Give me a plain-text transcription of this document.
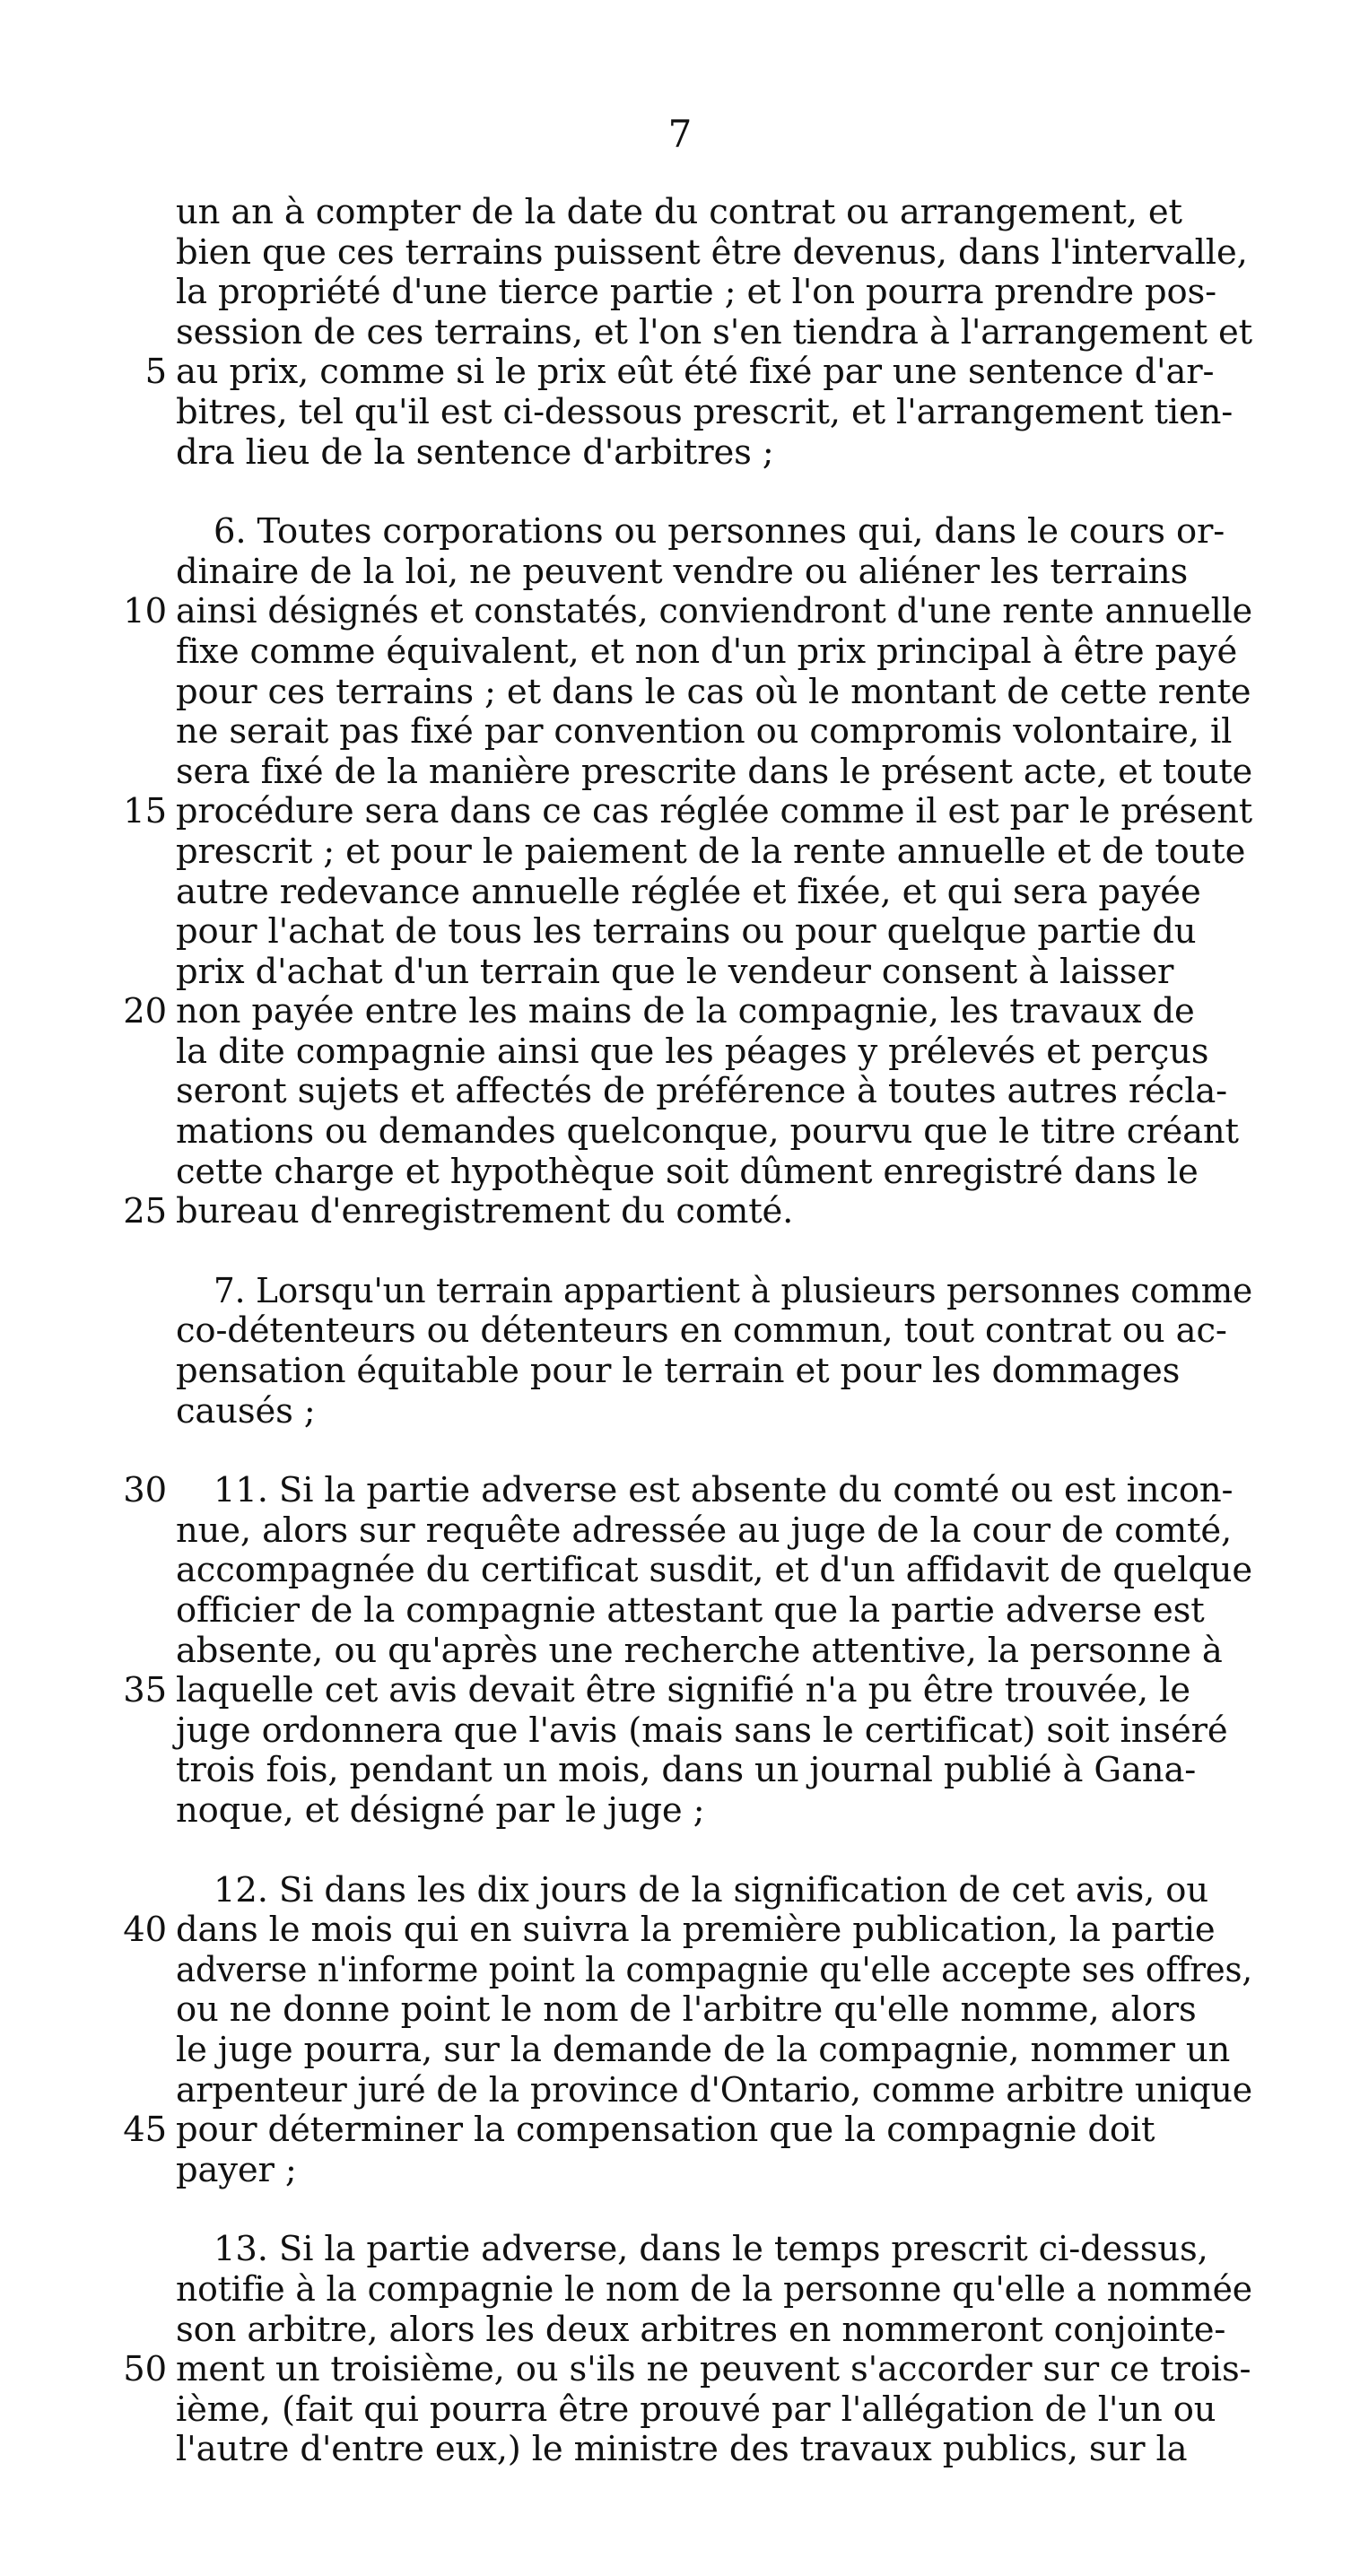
7
un an à compter de la date du contrat ou arrangement, et
bien que ces terrains puissent être devenus, dans l'intervalle,
la propriété d'une tierce partie ; et l'on pourra prendre pos-
session de ces terrains, et l'on s'en tiendra à l'arrangement et
5 au prix, comme si le prix eût été fixé par une sentence d'ar-
bitres, tel qu'il est ci-dessous prescrit, et l'arrangement tien-
dra lieu de la sentence d'arbitres ;
6. Toutes corporations ou personnes qui, dans le cours or-
dinaire de la loi, ne peuvent vendre ou aliéner les terrains
10 ainsi désignés et constatés, conviendront d'une rente annuelle
fixe comme équivalent, et non d'un prix principal à être payé
pour ces terrains ; et dans le cas où le montant de cette rente
ne serait pas fixé par convention ou compromis volontaire, il
sera fixé de la manière prescrite dans le présent acte, et toute
15 procédure sera dans ce cas réglée comme il est par le présent
prescrit ; et pour le paiement de la rente annuelle et de toute
autre redevance annuelle réglée et fixée, et qui sera payée
pour l'achat de tous les terrains ou pour quelque partie du
prix d'achat d'un terrain que le vendeur consent à laisser
20 non payée entre les mains de la compagnie, les travaux de
la dite compagnie ainsi que les péages y prélevés et perçus
seront sujets et affectés de préférence à toutes autres récla-
mations ou demandes quelconque, pourvu que le titre créant
cette charge et hypothèque soit dûment enregistré dans le
25 bureau d'enregistrement du comté.
7. Lorsqu'un terrain appartient à plusieurs personnes comme
co-détenteurs ou détenteurs en commun, tout contrat ou ac-
pensation équitable pour le terrain et pour les dommages
causés ;
30 11. Si la partie adverse est absente du comté ou est incon-
nue, alors sur requête adressée au juge de la cour de comté,
accompagnée du certificat susdit, et d'un affidavit de quelque
officier de la compagnie attestant que la partie adverse est
absente, ou qu'après une recherche attentive, la personne à
35 laquelle cet avis devait être signifié n'a pu être trouvée, le
juge ordonnera que l'avis (mais sans le certificat) soit inséré
trois fois, pendant un mois, dans un journal publié à Gana-
noque, et désigné par le juge ;
12. Si dans les dix jours de la signification de cet avis, ou
40 dans le mois qui en suivra la première publication, la partie
adverse n'informe point la compagnie qu'elle accepte ses offres,
ou ne donne point le nom de l'arbitre qu'elle nomme, alors
le juge pourra, sur la demande de la compagnie, nommer un
arpenteur juré de la province d'Ontario, comme arbitre unique
45 pour déterminer la compensation que la compagnie doit
payer ;
13. Si la partie adverse, dans le temps prescrit ci-dessus,
notifie à la compagnie le nom de la personne qu'elle a nommée
son arbitre, alors les deux arbitres en nommeront conjointe-
50 ment un troisième, ou s'ils ne peuvent s'accorder sur ce trois-
ième, (fait qui pourra être prouvé par l'allégation de l'un ou
l'autre d'entre eux,) le ministre des travaux publics, sur la
